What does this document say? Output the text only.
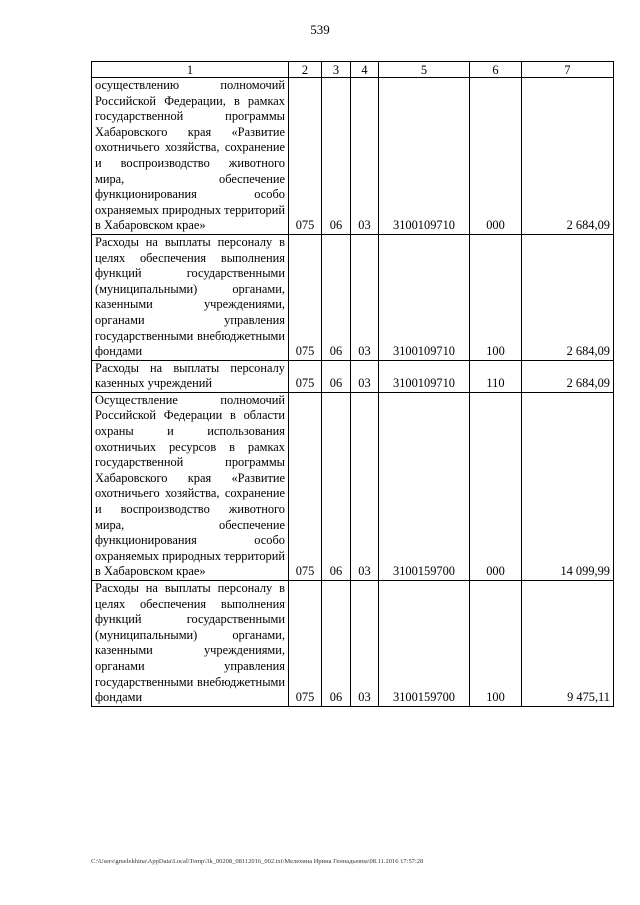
539
1	2	3	4	5	6	7
осуществлению полномочий Российской Федерации, в рамках государственной программы Хабаровского края «Развитие охотничьего хозяйства, сохранение и воспроизводство животного мира, обеспечение функционирования особо охраняемых природных территорий в Хабаровском крае»	075	06	03	3100109710	000	2 684,09
Расходы на выплаты персоналу в целях обеспечения выполнения функций государственными (муниципальными) органами, казенными учреждениями, органами управления государственными внебюджетными фондами	075	06	03	3100109710	100	2 684,09
Расходы на выплаты персоналу казенных учреждений	075	06	03	3100109710	110	2 684,09
Осуществление полномочий Российской Федерации в области охраны и использования охотничьих ресурсов в рамках государственной программы Хабаровского края «Развитие охотничьего хозяйства, сохранение и воспроизводство животного мира, обеспечение функционирования особо охраняемых природных территорий в Хабаровском крае»	075	06	03	3100159700	000	14 099,99
Расходы на выплаты персоналу в целях обеспечения выполнения функций государственными (муниципальными) органами, казенными учреждениями, органами управления государственными внебюджетными фондами	075	06	03	3100159700	100	9 475,11
C:\Users\gmelekhina\AppData\Local\Temp\3k_00208_08112016_002.txt\Мелехина Ирина Геннадьевна\08.11.2016 17:57:28
